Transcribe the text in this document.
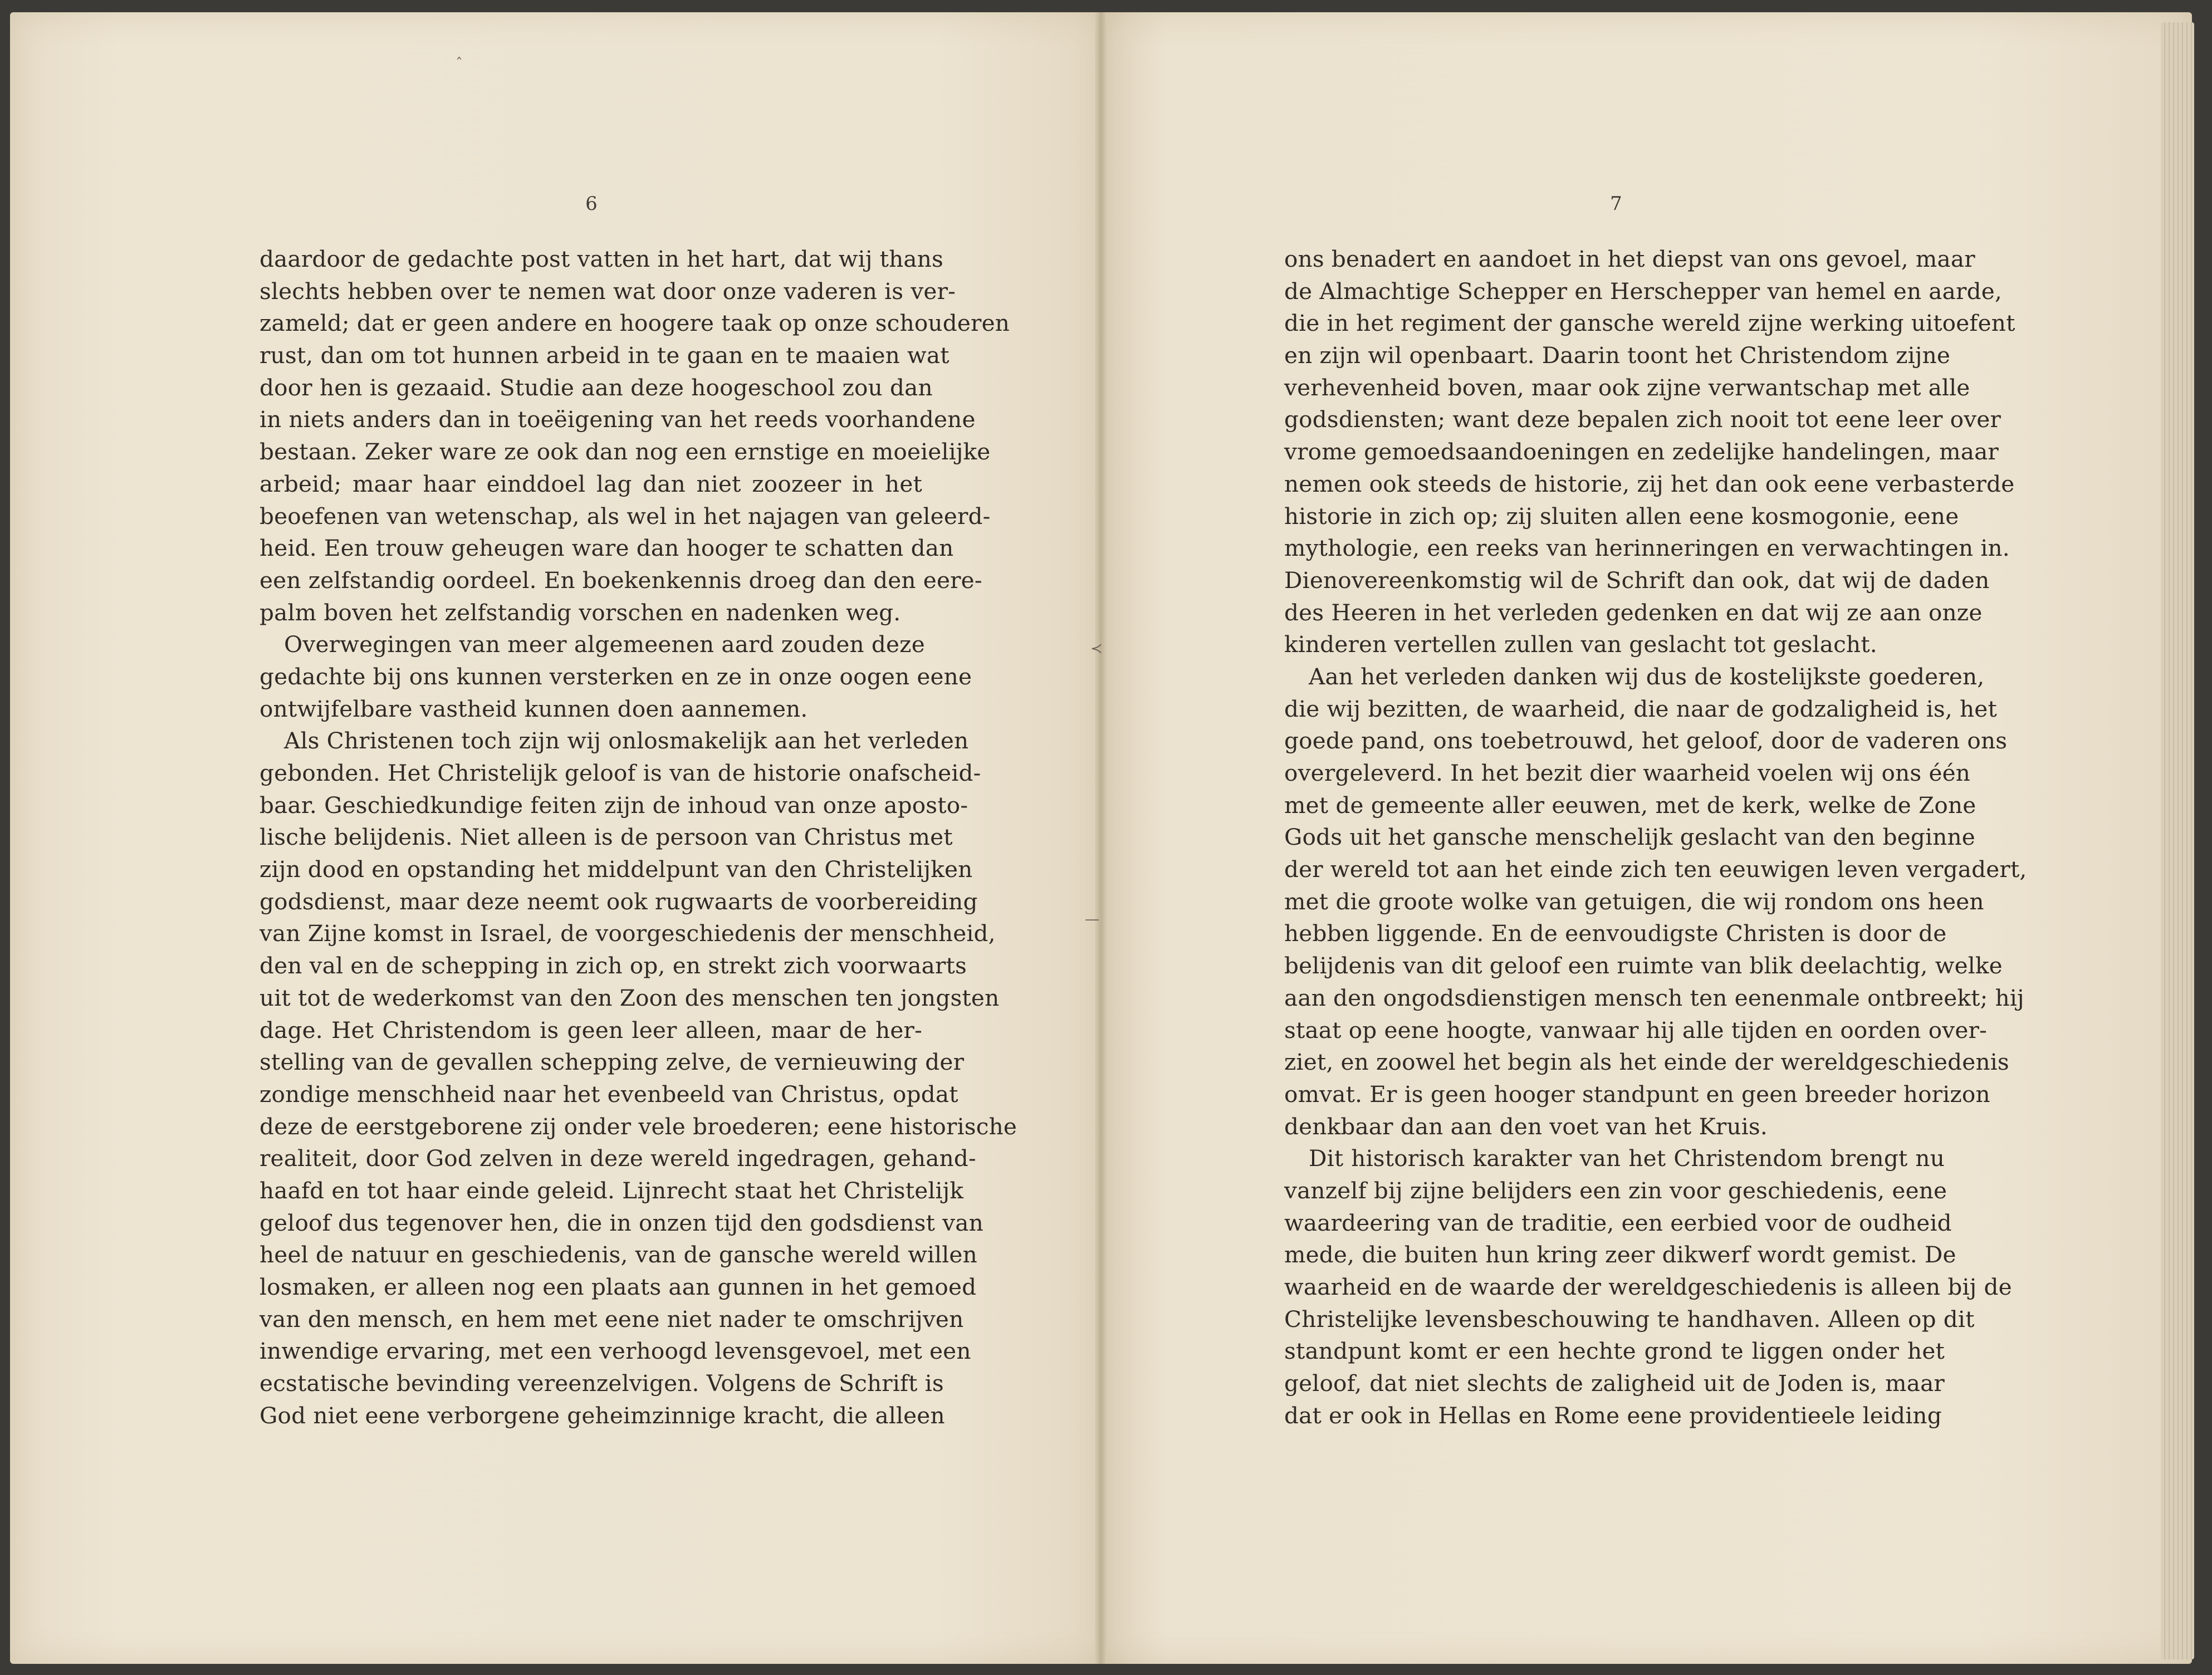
ˆ
≺
—
6	7
daardoor de gedachte post vatten in het hart, dat wij thans
slechts hebben over te nemen wat door onze vaderen is ver-
zameld; dat er geen andere en hoogere taak op onze schouderen
rust, dan om tot hunnen arbeid in te gaan en te maaien wat
door hen is gezaaid. Studie aan deze hoogeschool zou dan
in niets anders dan in toeëigening van het reeds voorhandene
bestaan. Zeker ware ze ook dan nog een ernstige en moeielijke
arbeid; maar haar einddoel lag dan niet zoozeer in het
beoefenen van wetenschap, als wel in het najagen van geleerd-
heid. Een trouw geheugen ware dan hooger te schatten dan
een zelfstandig oordeel. En boekenkennis droeg dan den eere-
palm boven het zelfstandig vorschen en nadenken weg.
Overwegingen van meer algemeenen aard zouden deze
gedachte bij ons kunnen versterken en ze in onze oogen eene
ontwijfelbare vastheid kunnen doen aannemen.
Als Christenen toch zijn wij onlosmakelijk aan het verleden
gebonden. Het Christelijk geloof is van de historie onafscheid-
baar. Geschiedkundige feiten zijn de inhoud van onze aposto-
lische belijdenis. Niet alleen is de persoon van Christus met
zijn dood en opstanding het middelpunt van den Christelijken
godsdienst, maar deze neemt ook rugwaarts de voorbereiding
van Zijne komst in Israel, de voorgeschiedenis der menschheid,
den val en de schepping in zich op, en strekt zich voorwaarts
uit tot de wederkomst van den Zoon des menschen ten jongsten
dage. Het Christendom is geen leer alleen, maar de her-
stelling van de gevallen schepping zelve, de vernieuwing der
zondige menschheid naar het evenbeeld van Christus, opdat
deze de eerstgeborene zij onder vele broederen; eene historische
realiteit, door God zelven in deze wereld ingedragen, gehand-
haafd en tot haar einde geleid. Lijnrecht staat het Christelijk
geloof dus tegenover hen, die in onzen tijd den godsdienst van
heel de natuur en geschiedenis, van de gansche wereld willen
losmaken, er alleen nog een plaats aan gunnen in het gemoed
van den mensch, en hem met eene niet nader te omschrijven
inwendige ervaring, met een verhoogd levensgevoel, met een
ecstatische bevinding vereenzelvigen. Volgens de Schrift is
God niet eene verborgene geheimzinnige kracht, die alleen
ons benadert en aandoet in het diepst van ons gevoel, maar
de Almachtige Schepper en Herschepper van hemel en aarde,
die in het regiment der gansche wereld zijne werking uitoefent
en zijn wil openbaart. Daarin toont het Christendom zijne
verhevenheid boven, maar ook zijne verwantschap met alle
godsdiensten; want deze bepalen zich nooit tot eene leer over
vrome gemoedsaandoeningen en zedelijke handelingen, maar
nemen ook steeds de historie, zij het dan ook eene verbasterde
historie in zich op; zij sluiten allen eene kosmogonie, eene
mythologie, een reeks van herinneringen en verwachtingen in.
Dienovereenkomstig wil de Schrift dan ook, dat wij de daden
des Heeren in het verleden gedenken en dat wij ze aan onze
kinderen vertellen zullen van geslacht tot geslacht.
Aan het verleden danken wij dus de kostelijkste goederen,
die wij bezitten, de waarheid, die naar de godzaligheid is, het
goede pand, ons toebetrouwd, het geloof, door de vaderen ons
overgeleverd. In het bezit dier waarheid voelen wij ons één
met de gemeente aller eeuwen, met de kerk, welke de Zone
Gods uit het gansche menschelijk geslacht van den beginne
der wereld tot aan het einde zich ten eeuwigen leven vergadert,
met die groote wolke van getuigen, die wij rondom ons heen
hebben liggende. En de eenvoudigste Christen is door de
belijdenis van dit geloof een ruimte van blik deelachtig, welke
aan den ongodsdienstigen mensch ten eenenmale ontbreekt; hij
staat op eene hoogte, vanwaar hij alle tijden en oorden over-
ziet, en zoowel het begin als het einde der wereldgeschiedenis
omvat. Er is geen hooger standpunt en geen breeder horizon
denkbaar dan aan den voet van het Kruis.
Dit historisch karakter van het Christendom brengt nu
vanzelf bij zijne belijders een zin voor geschiedenis, eene
waardeering van de traditie, een eerbied voor de oudheid
mede, die buiten hun kring zeer dikwerf wordt gemist. De
waarheid en de waarde der wereldgeschiedenis is alleen bij de
Christelijke levensbeschouwing te handhaven. Alleen op dit
standpunt komt er een hechte grond te liggen onder het
geloof, dat niet slechts de zaligheid uit de Joden is, maar
dat er ook in Hellas en Rome eene providentieele leiding
